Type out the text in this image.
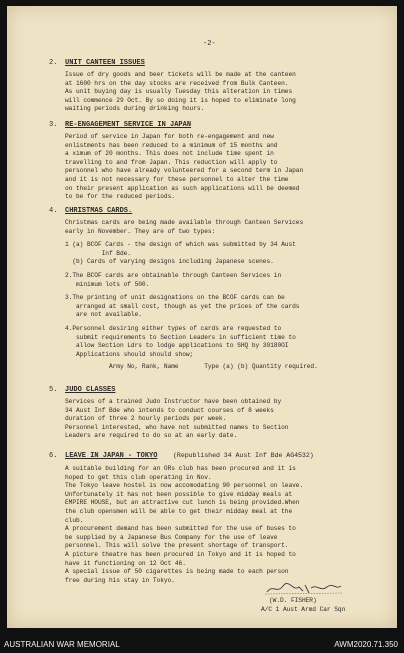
-2-
2. UNIT CANTEEN ISSUES
Issue of dry goods and beer tickets will be made at the canteen
at 1600 hrs on the day stocks are received from Bulk Canteen.
As unit buying day is usually Tuesday this alteration in times
will commence 29 Oct. By so doing it is hoped to eliminate long
waiting periods during drinking hours.
3. RE-ENGAGEMENT SERVICE IN JAPAN
Period of service in Japan for both re-engagement and new
enlistments has been reduced to a minimum of 15 months and
a ximum of 20 months. This does not include time spent in
travelling to and from Japan. This reduction will apply to
personnel who have already volunteered for a second term in Japan
and it is not necessary for these personnel to alter the time
on their present application as such applications will be deemed
to be for the reduced periods.
4. CHRISTMAS CARDS.
Christmas cards are being made available through Canteen Services
early in November. They are of two types:
1 (a) BCOF Cards - the design of which was submitted by 34 Aust
Inf Bde.
(b) Cards of varying designs including Japanese scenes.
2.The BCOF cards are obtainable through Canteen Services in
minimum lots of 500.
3.The printing of unit designations on the BCOF cards can be
arranged at small cost, though as yet the prices of the cards
are not available.
4.Personnel desiring either types of cards are requested to
submit requirements to Section Leaders in sufficient time to
allow Section Ldrs to lodge applications to SHQ by 30180OI
Applications should should show;
Army No, Rank, Name       Type (a) (b) Quantity required.
5. JUDO CLASSES
Services of a trained Judo Instructor have been obtained by
34 Aust Inf Bde who intends to conduct courses of 8 weeks
duration of three 2 hourly periods per week.
Personnel interested, who have not submitted names to Section
Leaders are required to do so at an early date.
6. LEAVE IN JAPAN - TOKYO (Republished 34 Aust Inf Bde AG4532)
A suitable building for an ORs club has been procured and it is
hoped to get this club operating in Nov.
The Tokyo leave hostel is now accomodating 90 personnel on leave.
Unfortunately it has not been possible to give midday meals at
EMPIRE HOUSE, but an attractive cut lunch is being provided.When
the club opensmen will be able to get their midday meal at the
club.
A procurement demand has been submitted for the use of buses to
be supplied by a Japanese Bus Company for the use of leave
personnel. This will solve the present shortage of transport.
A picture theatre has been procured in Tokyo and it is hoped to
have it functioning on 12 Oct 46.
A special issue of 50 cigarettes is being made to each person
free during his stay in Tokyo.
(W.D. FISHER)
A/C 1 Aust Armd Car Sqn
AUSTRALIAN WAR MEMORIAL	AWM2020.71.350
